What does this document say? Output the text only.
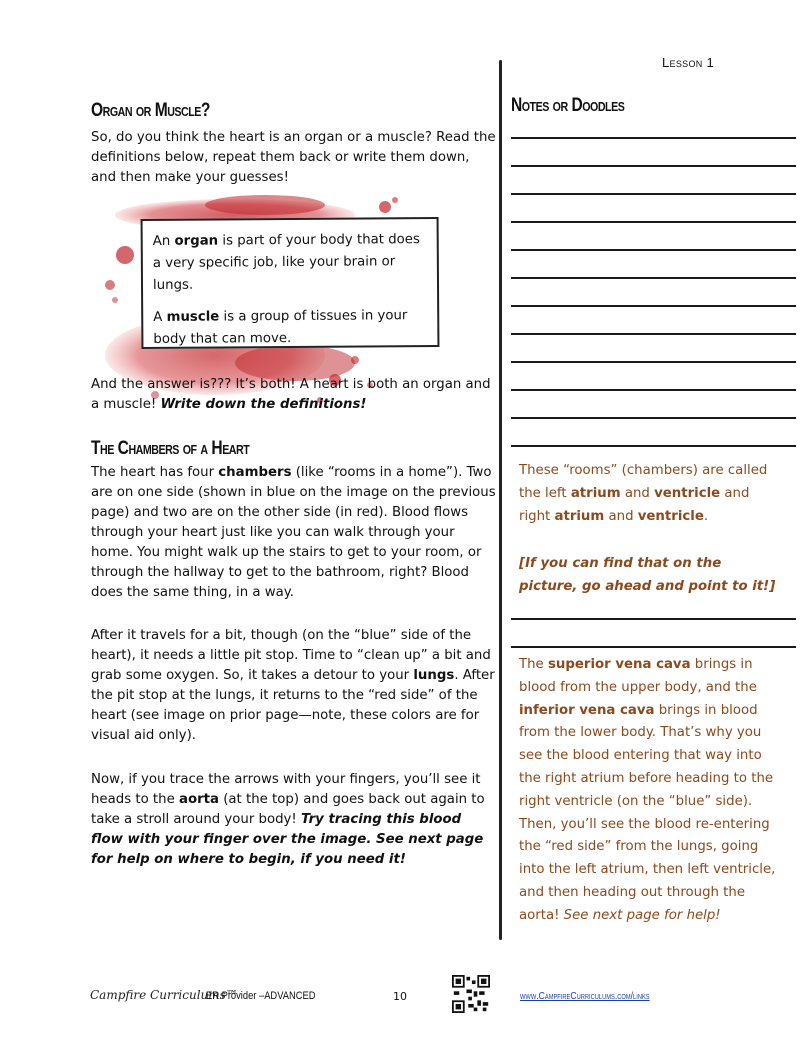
Lesson 1
Organ or Muscle?

So, do you think the heart is an organ or a muscle? Read the definitions below, repeat them back or write them down, and then make your guesses!

An organ is part of your body that does a very specific job, like your brain or lungs.

A muscle is a group of tissues in your body that can move.

And the answer is??? It’s both! A heart is both an organ and a muscle! Write down the definitions!

The Chambers of a Heart

The heart has four chambers (like “rooms in a home”). Two are on one side (shown in blue on the image on the previous page) and two are on the other side (in red). Blood flows through your heart just like you can walk through your home. You might walk up the stairs to get to your room, or through the hallway to get to the bathroom, right? Blood does the same thing, in a way.

After it travels for a bit, though (on the “blue” side of the heart), it needs a little pit stop. Time to “clean up” a bit and grab some oxygen. So, it takes a detour to your lungs. After the pit stop at the lungs, it returns to the “red side” of the heart (see image on prior page—note, these colors are for visual aid only).

Now, if you trace the arrows with your fingers, you’ll see it heads to the aorta (at the top) and goes back out again to take a stroll around your body! Try tracing this blood flow with your finger over the image. See next page for help on where to begin, if you need it!

Notes or Doodles

These “rooms” (chambers) are called the left atrium and ventricle and right atrium and ventricle.

[If you can find that on the picture, go ahead and point to it!]

The superior vena cava brings in blood from the upper body, and the inferior vena cava brings in blood from the lower body. That’s why you see the blood entering that way into the right atrium before heading to the right ventricle (on the “blue” side). Then, you’ll see the blood re-entering the “red side” from the lungs, going into the left atrium, then left ventricle, and then heading out through the aorta! See next page for help!

Campfire Curriculums™
ER Provider –ADVANCED	10	www.CampfireCurriculums.com/links
